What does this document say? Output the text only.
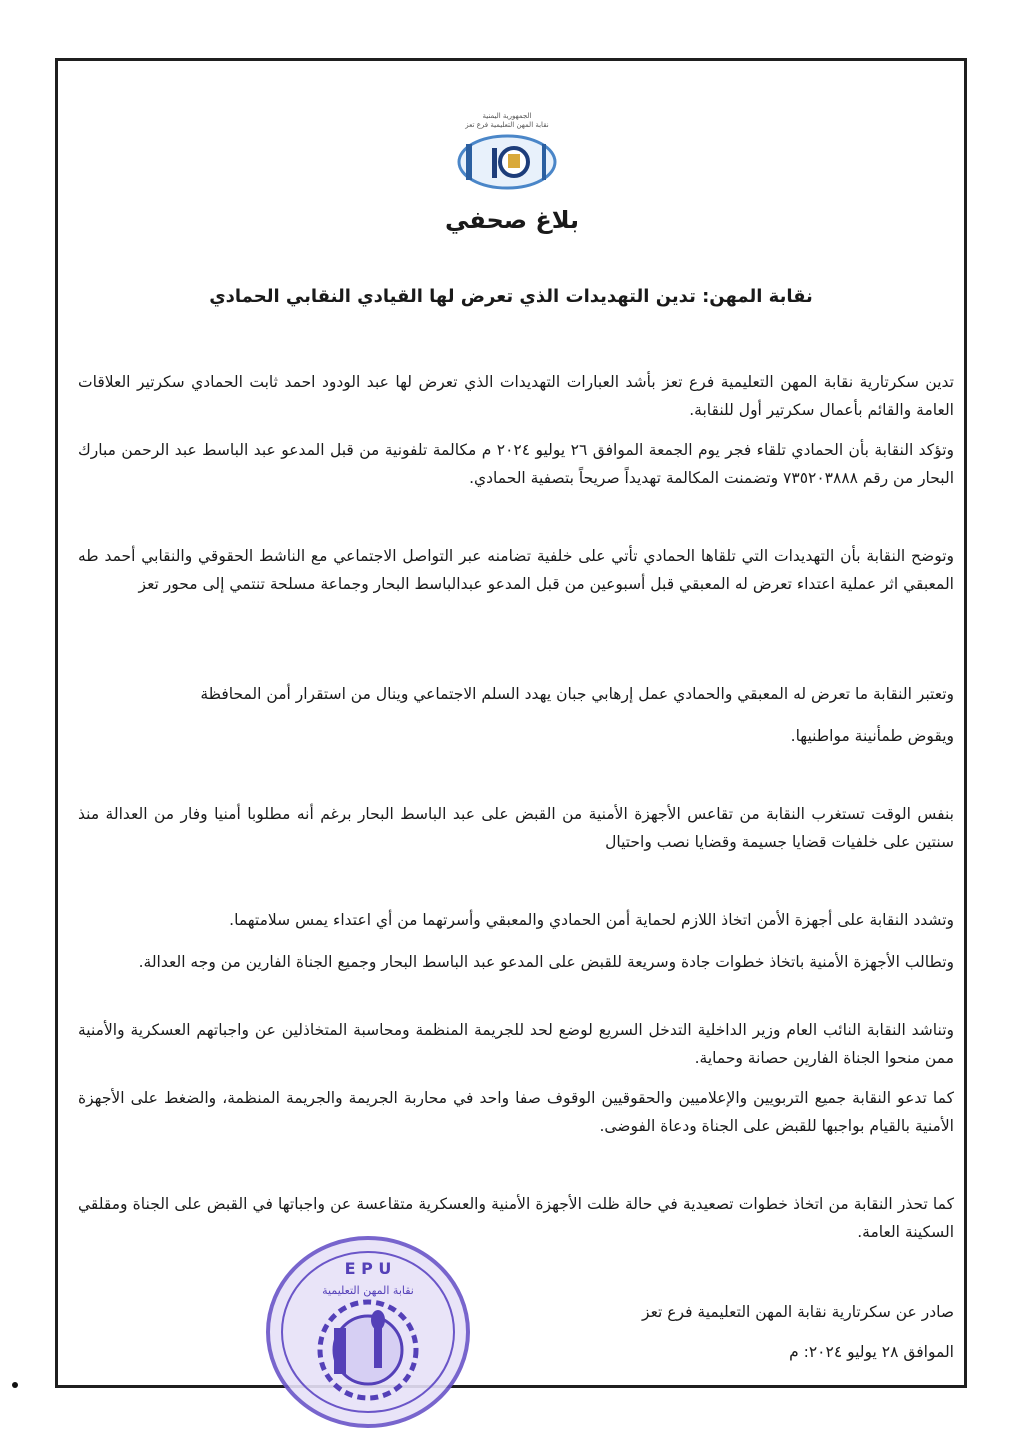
الجمهورية اليمنية
نقابة المهن التعليمية فرع تعز
بلاغ صحفي
نقابة المهن: تدين التهديدات الذي تعرض لها القيادي النقابي الحمادي
تدين سكرتارية نقابة المهن التعليمية فرع تعز بأشد العبارات التهديدات الذي تعرض لها عبد الودود احمد ثابت الحمادي سكرتير العلاقات العامة والقائم بأعمال سكرتير أول للنقابة.
وتؤكد النقابة بأن الحمادي تلقاء فجر يوم الجمعة الموافق ٢٦ يوليو ٢٠٢٤ م مكالمة تلفونية من قبل المدعو عبد الباسط عبد الرحمن مبارك البحار من رقم ٧٣٥٢٠٣٨٨٨ وتضمنت المكالمة تهديداً صريحاً بتصفية الحمادي.
وتوضح النقابة بأن التهديدات التي تلقاها الحمادي تأتي على خلفية تضامنه عبر التواصل الاجتماعي مع الناشط الحقوقي والنقابي أحمد طه المعبقي اثر عملية اعتداء تعرض له المعبقي قبل أسبوعين من قبل المدعو عبدالباسط البحار وجماعة مسلحة تنتمي إلى محور تعز
وتعتبر النقابة ما تعرض له المعبقي والحمادي عمل إرهابي جبان يهدد السلم الاجتماعي وينال من استقرار أمن المحافظة
ويقوض طمأنينة مواطنيها.
بنفس الوقت تستغرب النقابة من تقاعس الأجهزة الأمنية من القبض على عبد الباسط البحار برغم أنه مطلوبا أمنيا وفار من العدالة منذ سنتين على خلفيات قضايا جسيمة وقضايا نصب واحتيال
وتشدد النقابة على أجهزة الأمن اتخاذ اللازم لحماية أمن الحمادي والمعبقي وأسرتهما من أي اعتداء يمس سلامتهما.
وتطالب الأجهزة الأمنية باتخاذ خطوات جادة وسريعة للقبض على المدعو عبد الباسط البحار وجميع الجناة الفارين من وجه العدالة.
وتناشد النقابة النائب العام وزير الداخلية التدخل السريع لوضع لحد للجريمة المنظمة ومحاسبة المتخاذلين عن واجباتهم العسكرية والأمنية ممن منحوا الجناة الفارين حصانة وحماية.
كما تدعو النقابة جميع التربويين والإعلاميين والحقوقيين الوقوف صفا واحد في محاربة الجريمة والجريمة المنظمة، والضغط على الأجهزة الأمنية بالقيام بواجبها للقبض على الجناة ودعاة الفوضى.
كما تحذر النقابة من اتخاذ خطوات تصعيدية في حالة ظلت الأجهزة الأمنية والعسكرية متقاعسة عن واجباتها في القبض على الجناة ومقلقي السكينة العامة.
صادر عن سكرتارية نقابة المهن التعليمية فرع تعز
الموافق ٢٨ يوليو ٢٠٢٤: م
E P U
نقابة المهن التعليمية
